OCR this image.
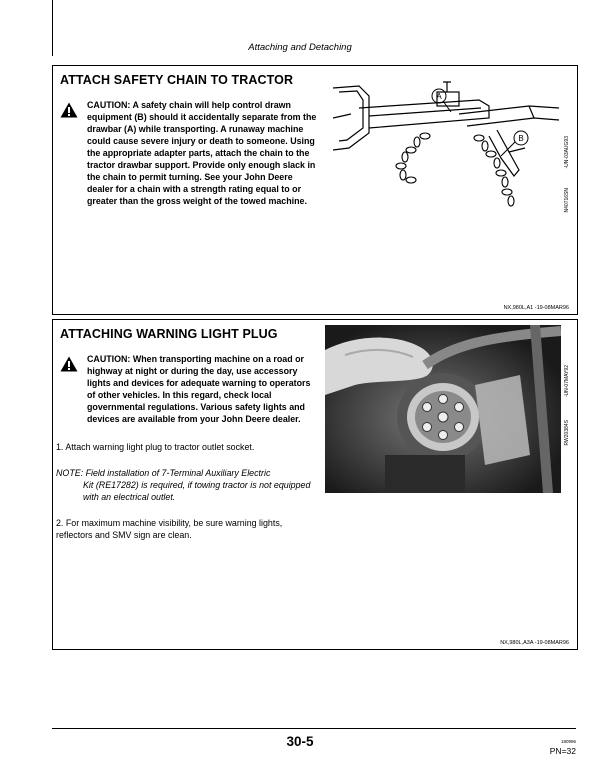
Attaching and Detaching
ATTACH SAFETY CHAIN TO TRACTOR
CAUTION: A safety chain will help control drawn equipment (B) should it accidentally separate from the drawbar (A) while transporting. A runaway machine could cause severe injury or death to someone. Using the appropriate adapter parts, attach the chain to the tractor drawbar support. Provide only enough slack in the chain to permit turning. See your John Deere dealer for a chain with a strength rating equal to or greater than the gross weight of the towed machine.
A
B	-UN-03AUG93
N40716SN
NX,980L,A1 -19-08MAR96
ATTACHING WARNING LIGHT PLUG
CAUTION: When transporting machine on a road or highway at night or during the day, use accessory lights and devices for adequate warning to operators of other vehicles. In this regard, check local governmental regulations. Various safety lights and devices are available from your John Deere dealer.
1. Attach warning light plug to tractor outlet socket.
NOTE: Field installation of 7-Terminal Auxiliary Electric
Kit (RE17282) is required, if towing tractor is not equipped with an electrical outlet.
2. For maximum machine visibility, be sure warning lights, reflectors and SMV sign are clean.
-UN-07MAY92
RW20384S
NX,980L,A3A -19-08MAR96
30-5	180996
PN=32
